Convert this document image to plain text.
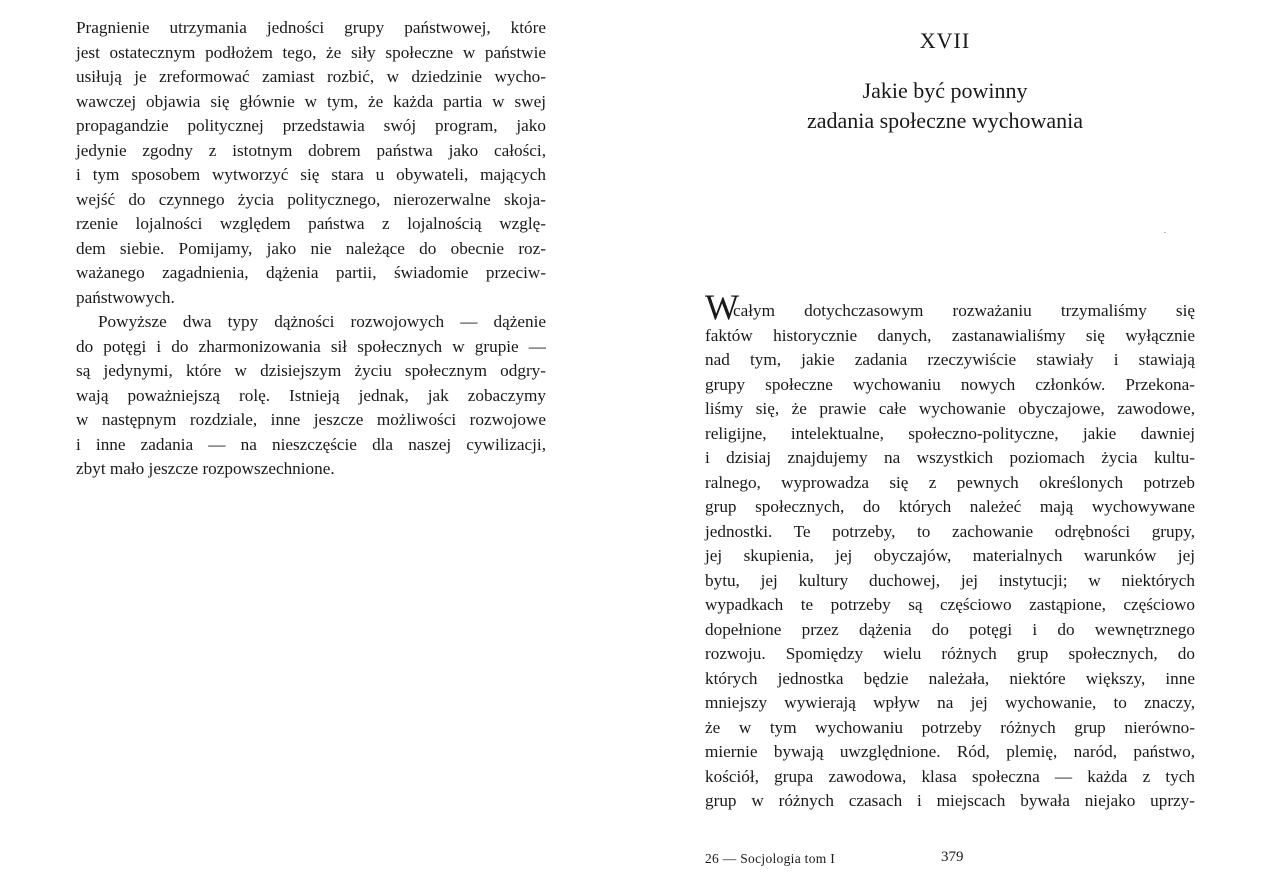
Pragnienie utrzymania jedności grupy państwowej, które
jest ostatecznym podłożem tego, że siły społeczne w państwie
usiłują je zreformować zamiast rozbić, w dziedzinie wycho-
wawczej objawia się głównie w tym, że każda partia w swej
propagandzie politycznej przedstawia swój program, jako
jedynie zgodny z istotnym dobrem państwa jako całości,
i tym sposobem wytworzyć się stara u obywateli, mających
wejść do czynnego życia politycznego, nierozerwalne skoja-
rzenie lojalności względem państwa z lojalnością wzglę-
dem siebie. Pomijamy, jako nie należące do obecnie roz-
ważanego zagadnienia, dążenia partii, świadomie przeciw-
państwowych.
Powyższe dwa typy dążności rozwojowych — dążenie
do potęgi i do zharmonizowania sił społecznych w grupie —
są jedynymi, które w dzisiejszym życiu społecznym odgry-
wają poważniejszą rolę. Istnieją jednak, jak zobaczymy
w następnym rozdziale, inne jeszcze możliwości rozwojowe
i inne zadania — na nieszczęście dla naszej cywilizacji,
zbyt mało jeszcze rozpowszechnione.
XVII
Jakie być powinny
zadania społeczne wychowania
W
całym dotychczasowym rozważaniu trzymaliśmy się
faktów historycznie danych, zastanawialiśmy się wyłącznie
nad tym, jakie zadania rzeczywiście stawiały i stawiają
grupy społeczne wychowaniu nowych członków. Przekona-
liśmy się, że prawie całe wychowanie obyczajowe, zawodowe,
religijne, intelektualne, społeczno-polityczne, jakie dawniej
i dzisiaj znajdujemy na wszystkich poziomach życia kultu-
ralnego, wyprowadza się z pewnych określonych potrzeb
grup społecznych, do których należeć mają wychowywane
jednostki. Te potrzeby, to zachowanie odrębności grupy,
jej skupienia, jej obyczajów, materialnych warunków jej
bytu, jej kultury duchowej, jej instytucji; w niektórych
wypadkach te potrzeby są częściowo zastąpione, częściowo
dopełnione przez dążenia do potęgi i do wewnętrznego
rozwoju. Spomiędzy wielu różnych grup społecznych, do
których jednostka będzie należała, niektóre większy, inne
mniejszy wywierają wpływ na jej wychowanie, to znaczy,
że w tym wychowaniu potrzeby różnych grup nierówno-
miernie bywają uwzględnione. Ród, plemię, naród, państwo,
kościół, grupa zawodowa, klasa społeczna — każda z tych
grup w różnych czasach i miejscach bywała niejako uprzy-
26 — Socjologia tom I	379
